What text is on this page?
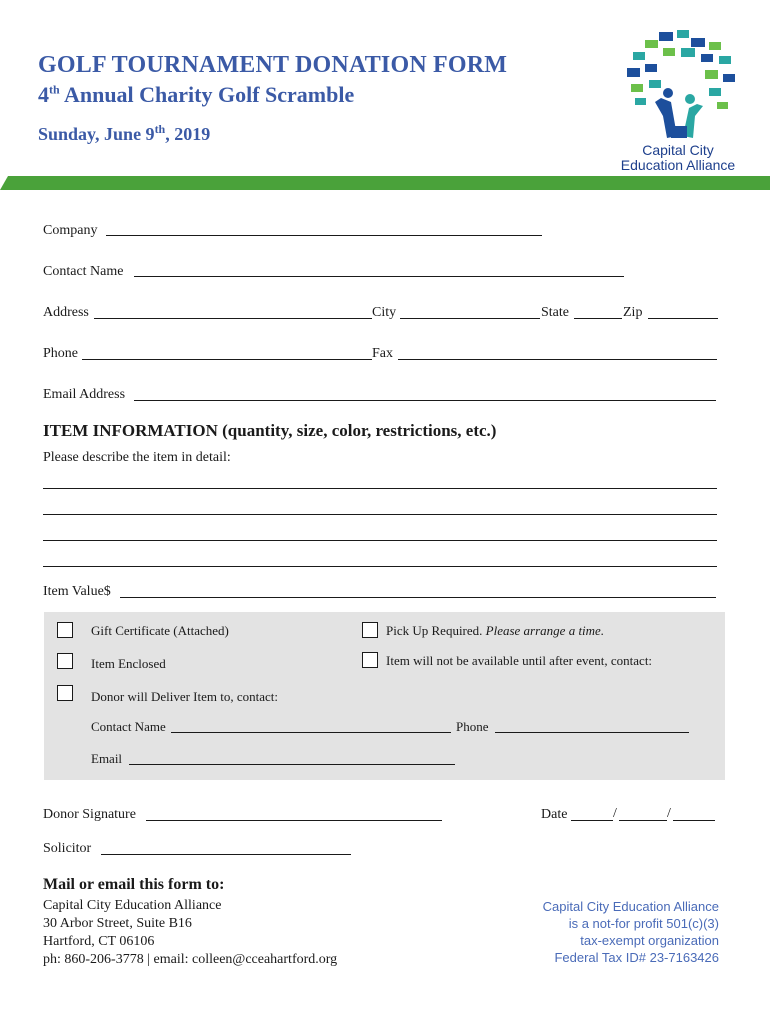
GOLF TOURNAMENT DONATION FORM
4th Annual Charity Golf Scramble
Sunday, June 9th, 2019
Capital City
Education Alliance
Company
Contact Name
Address	City	State	Zip
Phone	Fax
Email Address
ITEM INFORMATION (quantity, size, color, restrictions, etc.)
Please describe the item in detail:
Item Value$
Gift Certificate (Attached)	Pick Up Required. Please arrange a time.
Item Enclosed	Item will not be available until after event, contact:
Donor will Deliver Item to, contact:
Contact Name	Phone
Email
Donor Signature	Date	/	/
Solicitor
Mail or email this form to:
Capital City Education Alliance
30 Arbor Street, Suite B16
Hartford, CT 06106
ph: 860-206-3778 | email: colleen@cceahartford.org
Capital City Education Alliance
is a not-for profit 501(c)(3)
tax-exempt organization
Federal Tax ID# 23-7163426
